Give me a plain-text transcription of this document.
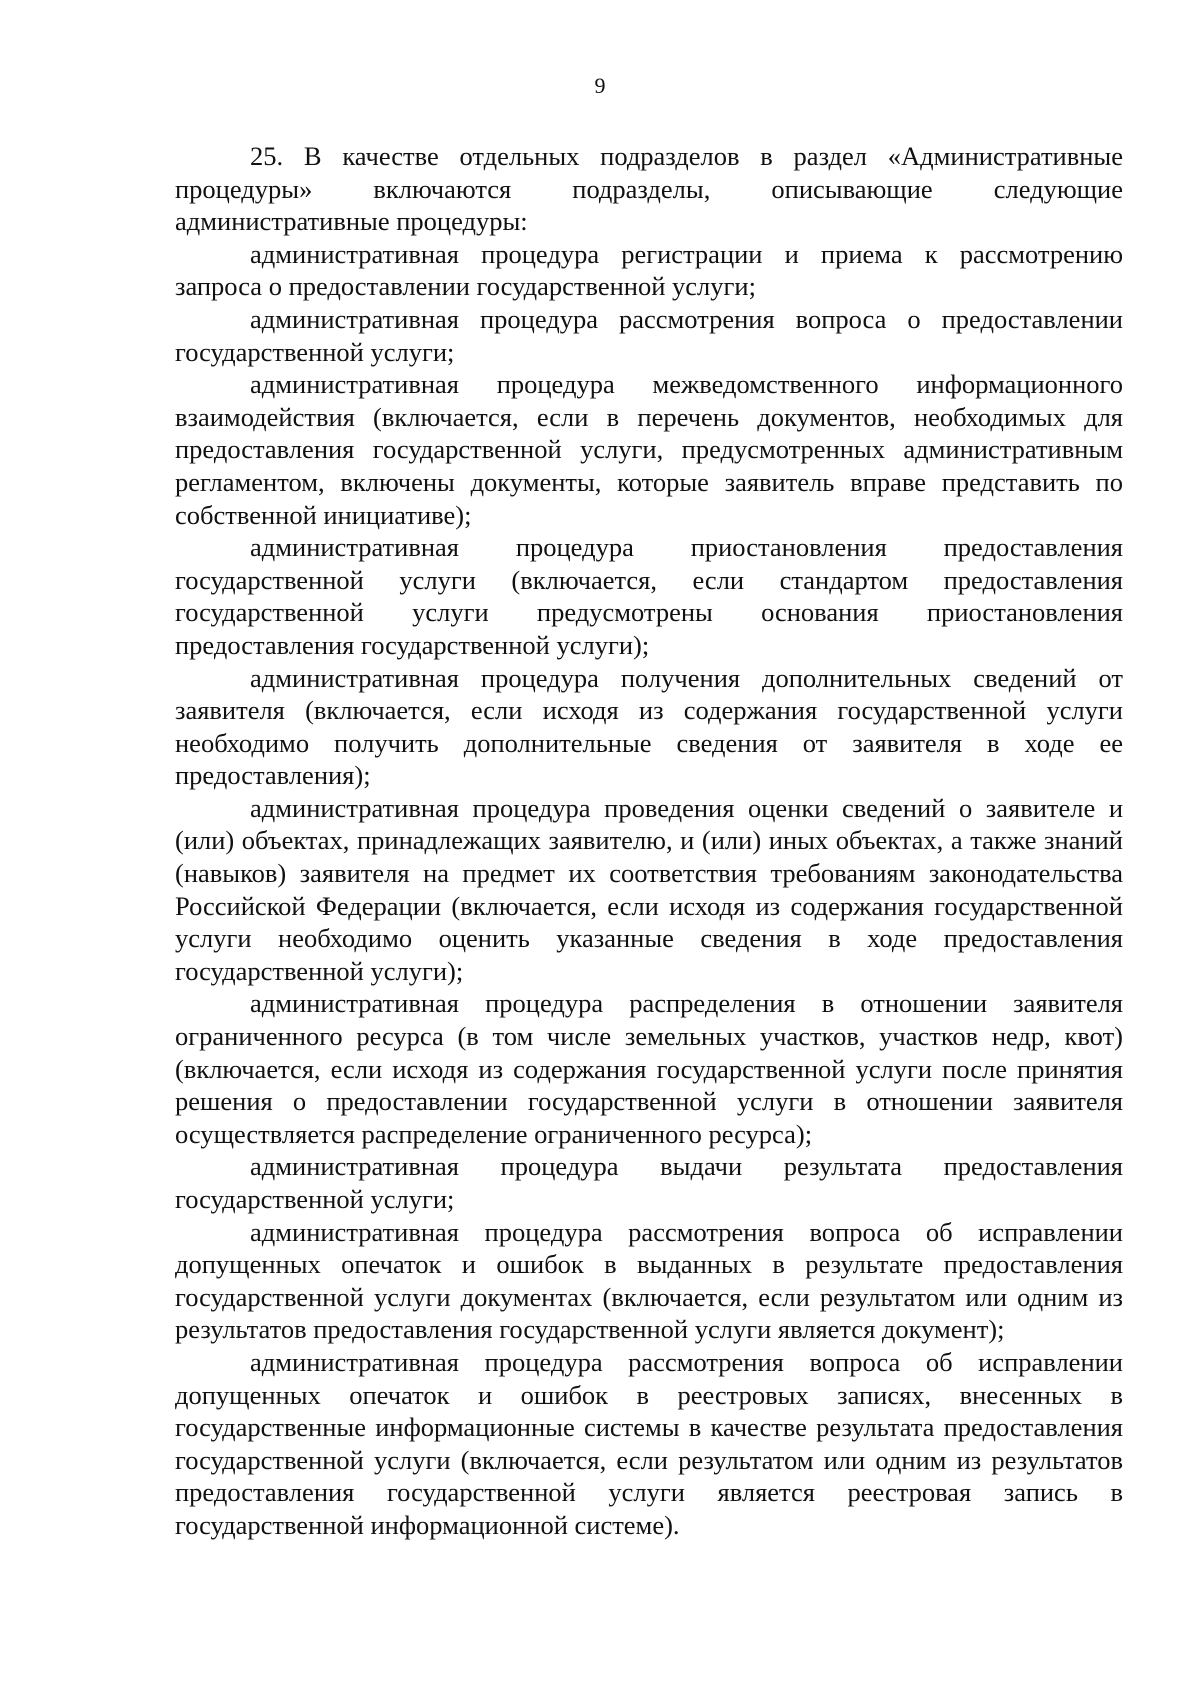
9

25. В качестве отдельных подразделов в раздел «Административные процедуры» включаются подразделы, описывающие следующие административные процедуры:

административная процедура регистрации и приема к рассмотрению запроса о предоставлении государственной услуги;

административная процедура рассмотрения вопроса о предоставлении государственной услуги;

административная процедура межведомственного информационного взаимодействия (включается, если в перечень документов, необходимых для предоставления государственной услуги, предусмотренных административным регламентом, включены документы, которые заявитель вправе представить по собственной инициативе);

административная процедура приостановления предоставления государственной услуги (включается, если стандартом предоставления государственной услуги предусмотрены основания приостановления предоставления государственной услуги);

административная процедура получения дополнительных сведений от заявителя (включается, если исходя из содержания государственной услуги необходимо получить дополнительные сведения от заявителя в ходе ее предоставления);

административная процедура проведения оценки сведений о заявителе и (или) объектах, принадлежащих заявителю, и (или) иных объектах, а также знаний (навыков) заявителя на предмет их соответствия требованиям законодательства Российской Федерации (включается, если исходя из содержания государственной услуги необходимо оценить указанные сведения в ходе предоставления государственной услуги);

административная процедура распределения в отношении заявителя ограниченного ресурса (в том числе земельных участков, участков недр, квот) (включается, если исходя из содержания государственной услуги после принятия решения о предоставлении государственной услуги в отношении заявителя осуществляется распределение ограниченного ресурса);

административная процедура выдачи результата предоставления государственной услуги;

административная процедура рассмотрения вопроса об исправлении допущенных опечаток и ошибок в выданных в результате предоставления государственной услуги документах (включается, если результатом или одним из результатов предоставления государственной услуги является документ);

административная процедура рассмотрения вопроса об исправлении допущенных опечаток и ошибок в реестровых записях, внесенных в государственные информационные системы в качестве результата предоставления государственной услуги (включается, если результатом или одним из результатов предоставления государственной услуги является реестровая запись в государственной информационной системе).
